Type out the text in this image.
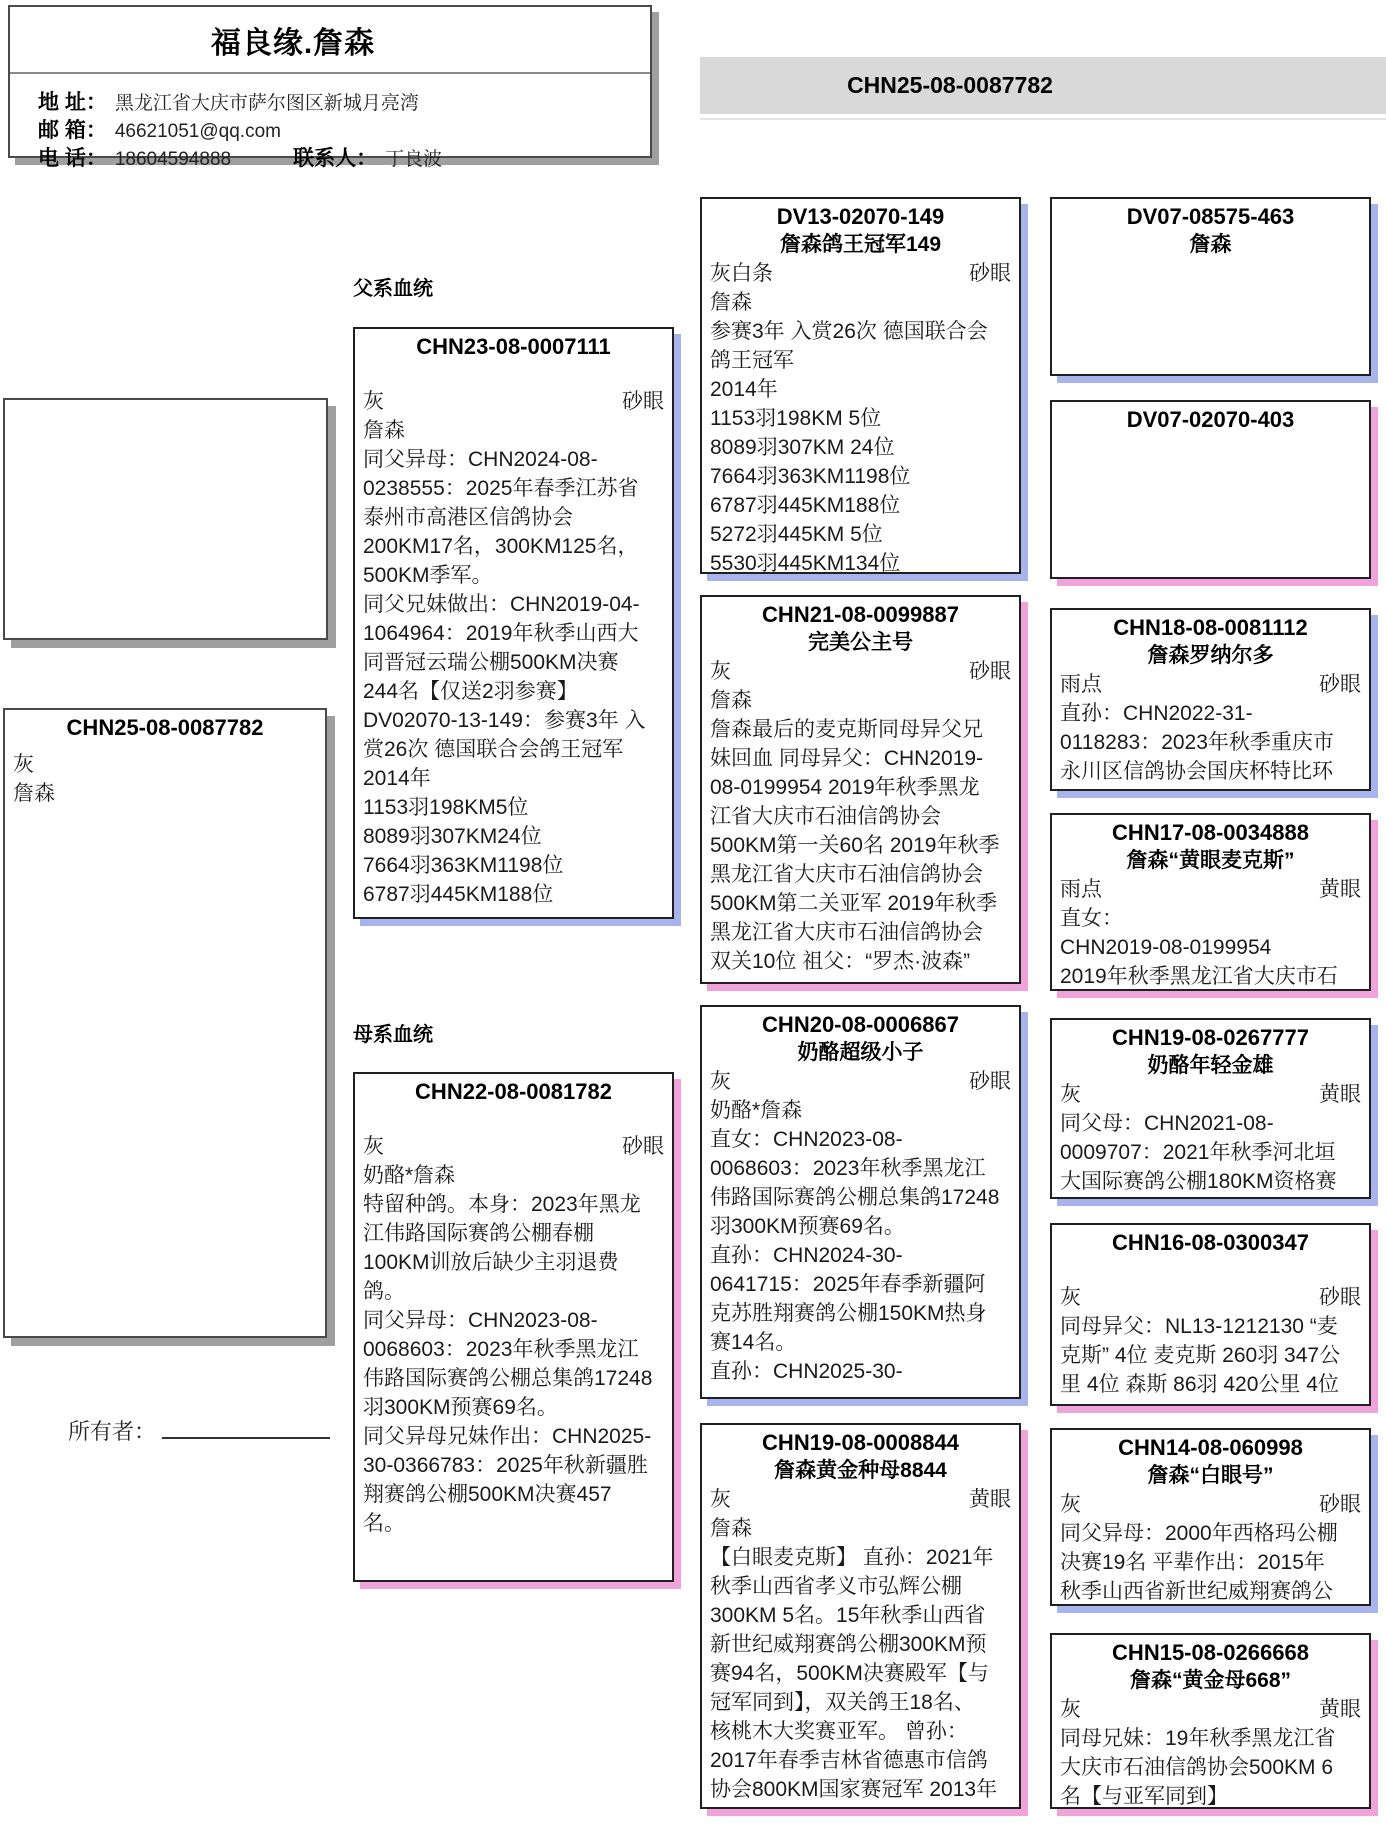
福良缘.詹森
地 址： 黑龙江省大庆市萨尔图区新城月亮湾
邮 箱： 46621051@qq.com
电 话： 18604594888	联系人： 丁良波
CHN25-08-0087782
父系血统
母系血统
CHN25-08-0087782
灰
詹森
所有者：
CHN23-08-0007111
灰	砂眼
詹森
同父异母：CHN2024-08-
0238555：2025年春季江苏省
泰州市高港区信鸽协会
200KM17名，300KM125名，
500KM季军。
同父兄妹做出：CHN2019-04-
1064964：2019年秋季山西大
同晋冠云瑞公棚500KM决赛
244名【仅送2羽参赛】
DV02070-13-149：参赛3年 入
赏26次 德国联合会鸽王冠军
2014年
1153羽198KM5位
8089羽307KM24位
7664羽363KM1198位
6787羽445KM188位
CHN22-08-0081782
灰	砂眼
奶酪*詹森
特留种鸽。本身：2023年黑龙
江伟路国际赛鸽公棚春棚
100KM训放后缺少主羽退费
鸽。
同父异母：CHN2023-08-
0068603：2023年秋季黑龙江
伟路国际赛鸽公棚总集鸽17248
羽300KM预赛69名。
同父异母兄妹作出：CHN2025-
30-0366783：2025年秋新疆胜
翔赛鸽公棚500KM决赛457
名。
DV13-02070-149
詹森鸽王冠军149
灰白条	砂眼
詹森
参赛3年 入赏26次 德国联合会
鸽王冠军
2014年
1153羽198KM 5位
8089羽307KM 24位
7664羽363KM1198位
6787羽445KM188位
5272羽445KM 5位
5530羽445KM134位
CHN21-08-0099887
完美公主号
灰	砂眼
詹森
詹森最后的麦克斯同母异父兄
妹回血 同母异父：CHN2019-
08-0199954 2019年秋季黑龙
江省大庆市石油信鸽协会
500KM第一关60名 2019年秋季
黑龙江省大庆市石油信鸽协会
500KM第二关亚军 2019年秋季
黑龙江省大庆市石油信鸽协会
双关10位 祖父：“罗杰·波森”
CHN20-08-0006867
奶酪超级小子
灰	砂眼
奶酪*詹森
直女：CHN2023-08-
0068603：2023年秋季黑龙江
伟路国际赛鸽公棚总集鸽17248
羽300KM预赛69名。
直孙：CHN2024-30-
0641715：2025年春季新疆阿
克苏胜翔赛鸽公棚150KM热身
赛14名。
直孙：CHN2025-30-
CHN19-08-0008844
詹森黄金种母8844
灰	黄眼
詹森
【白眼麦克斯】 直孙：2021年
秋季山西省孝义市弘辉公棚
300KM 5名。15年秋季山西省
新世纪威翔赛鸽公棚300KM预
赛94名，500KM决赛殿军【与
冠军同到】，双关鸽王18名、
核桃木大奖赛亚军。 曾孙：
2017年春季吉林省德惠市信鸽
协会800KM国家赛冠军 2013年
DV07-08575-463
詹森
DV07-02070-403
CHN18-08-0081112
詹森罗纳尔多
雨点	砂眼
直孙：CHN2022-31-
0118283：2023年秋季重庆市
永川区信鸽协会国庆杯特比环
CHN17-08-0034888
詹森“黄眼麦克斯”
雨点	黄眼
直女：
CHN2019-08-0199954
2019年秋季黑龙江省大庆市石
CHN19-08-0267777
奶酪年轻金雄
灰	黄眼
同父母：CHN2021-08-
0009707：2021年秋季河北垣
大国际赛鸽公棚180KM资格赛
CHN16-08-0300347
灰	砂眼
同母异父：NL13-1212130 “麦
克斯” 4位 麦克斯 260羽 347公
里 4位 森斯 86羽 420公里 4位
CHN14-08-060998
詹森“白眼号”
灰	砂眼
同父异母：2000年西格玛公棚
决赛19名 平辈作出：2015年
秋季山西省新世纪威翔赛鸽公
CHN15-08-0266668
詹森“黄金母668”
灰	黄眼
同母兄妹：19年秋季黑龙江省
大庆市石油信鸽协会500KM 6
名【与亚军同到】
